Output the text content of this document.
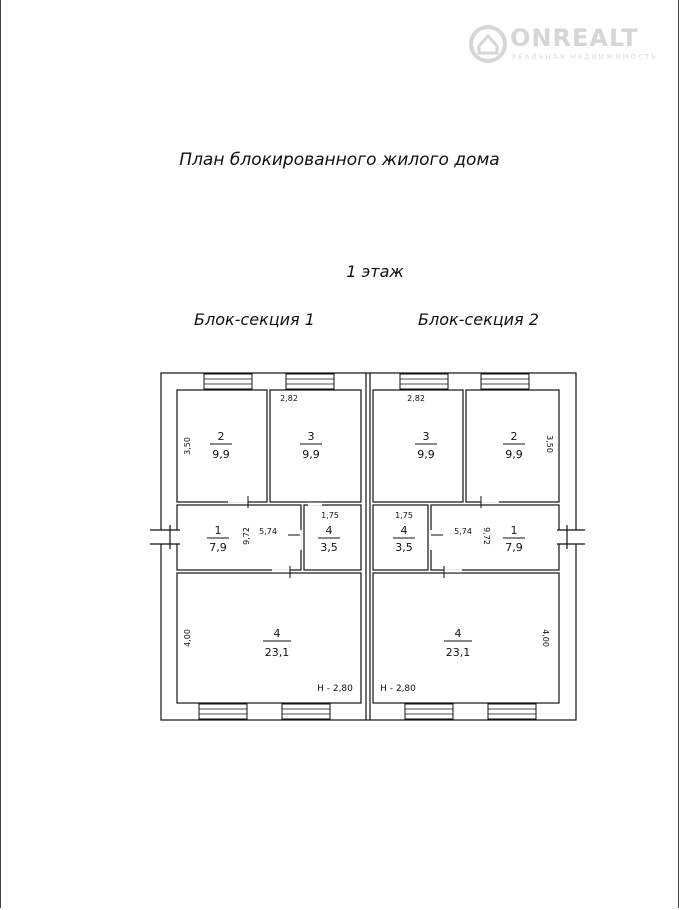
ONREALT
РЕАЛЬНАЯ НЕДВИЖИМОСТЬ
План блокированного жилого дома
1 этаж
Блок-секция 1	Блок-секция 2
2
9,9
3,50
3
9,9
2,82
1
7,9
5,74
9,72	4
3,5
1,75
4
23,1
4,00
H - 2,80
3
9,9
2,82
2
9,9
3,50
4
3,5
1,75
1
7,9
5,74 9,72
4
23,1
4,00
H - 2,80
